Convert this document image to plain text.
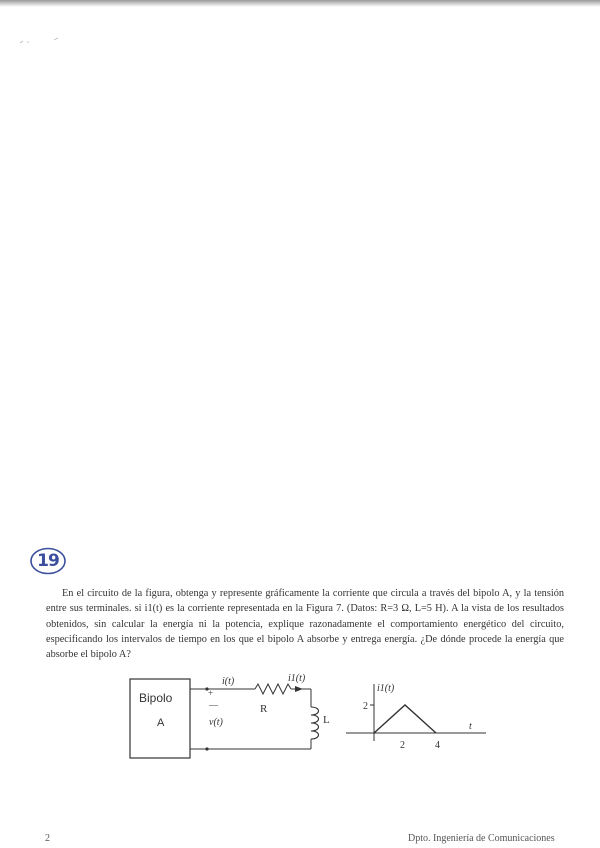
19

En el circuito de la figura, obtenga y represente gráficamente la corriente que circula a través del bipolo A, y la tensión entre sus terminales. si i1(t) es la corriente representada en la Figura 7. (Datos: R=3 Ω, L=5 H). A la vista de los resultados obtenidos, sin calcular la energía ni la potencia, explique razonadamente el comportamiento energético del circuito, especificando los intervalos de tiempo en los que el bipolo A absorbe y entrega energía. ¿De dónde procede la energía que absorbe el bipolo A?

Bipolo
A
i(t)	i1(t)
+
—
v(t)
R
L
i1(t)
2
2	4
t
2	Dpto. Ingeniería de Comunicaciones
